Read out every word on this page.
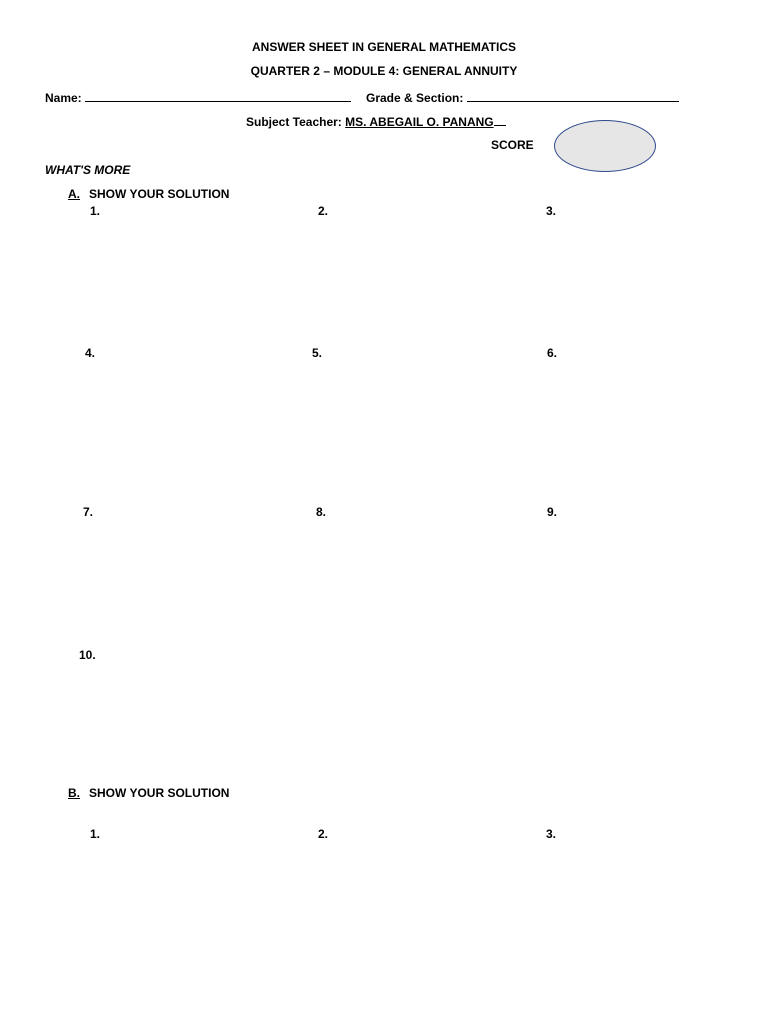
ANSWER SHEET IN GENERAL MATHEMATICS
QUARTER 2 – MODULE 4: GENERAL ANNUITY
Name:	Grade & Section:
Subject Teacher: MS. ABEGAIL O. PANANG
SCORE
WHAT'S MORE
A. SHOW YOUR SOLUTION
1.	2.	3.
4.	5.	6.
7.	8.	9.
10.
B. SHOW YOUR SOLUTION
1.	2.	3.
